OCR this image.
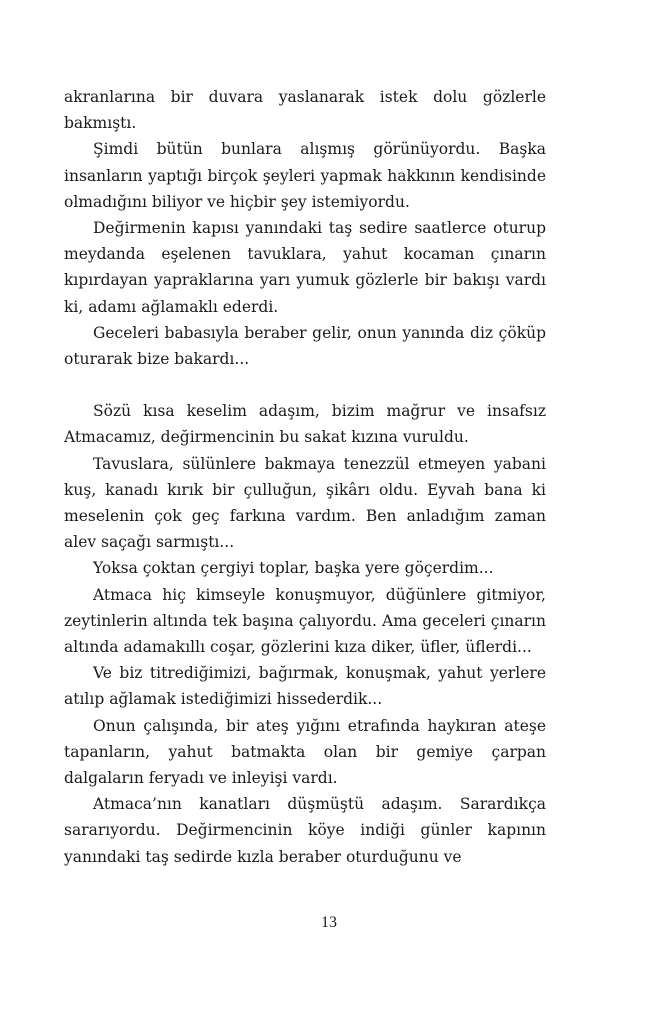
akranlarına bir duvara yaslanarak istek dolu gözlerle bakmıştı.

Şimdi bütün bunlara alışmış görünüyordu. Başka insanların yaptığı birçok şeyleri yapmak hakkının kendisinde olmadığını biliyor ve hiçbir şey istemiyordu.

Değirmenin kapısı yanındaki taş sedire saatlerce oturup meydanda eşelenen tavuklara, yahut kocaman çınarın kıpırdayan yapraklarına yarı yumuk gözlerle bir bakışı vardı ki, adamı ağlamaklı ederdi.

Geceleri babasıyla beraber gelir, onun yanında diz çöküp oturarak bize bakardı...

Sözü kısa keselim adaşım, bizim mağrur ve insafsız Atmacamız, değirmencinin bu sakat kızına vuruldu.

Tavuslara, sülünlere bakmaya tenezzül etmeyen yabani kuş, kanadı kırık bir çulluğun, şikârı oldu. Eyvah bana ki meselenin çok geç farkına vardım. Ben anladığım zaman alev saçağı sarmıştı...

Yoksa çoktan çergiyi toplar, başka yere göçerdim...

Atmaca hiç kimseyle konuşmuyor, düğünlere gitmiyor, zeytinlerin altında tek başına çalıyordu. Ama geceleri çınarın altında adamakıllı coşar, gözlerini kıza diker, üfler, üflerdi...

Ve biz titrediğimizi, bağırmak, konuşmak, yahut yerlere atılıp ağlamak istediğimizi hissederdik...

Onun çalışında, bir ateş yığını etrafında haykıran ateşe tapanların, yahut batmakta olan bir gemiye çarpan dalgaların feryadı ve inleyişi vardı.

Atmaca’nın kanatları düşmüştü adaşım. Sarardıkça sararıyordu. Değirmencinin köye indiği günler kapının yanındaki taş sedirde kızla beraber oturduğunu ve

13
